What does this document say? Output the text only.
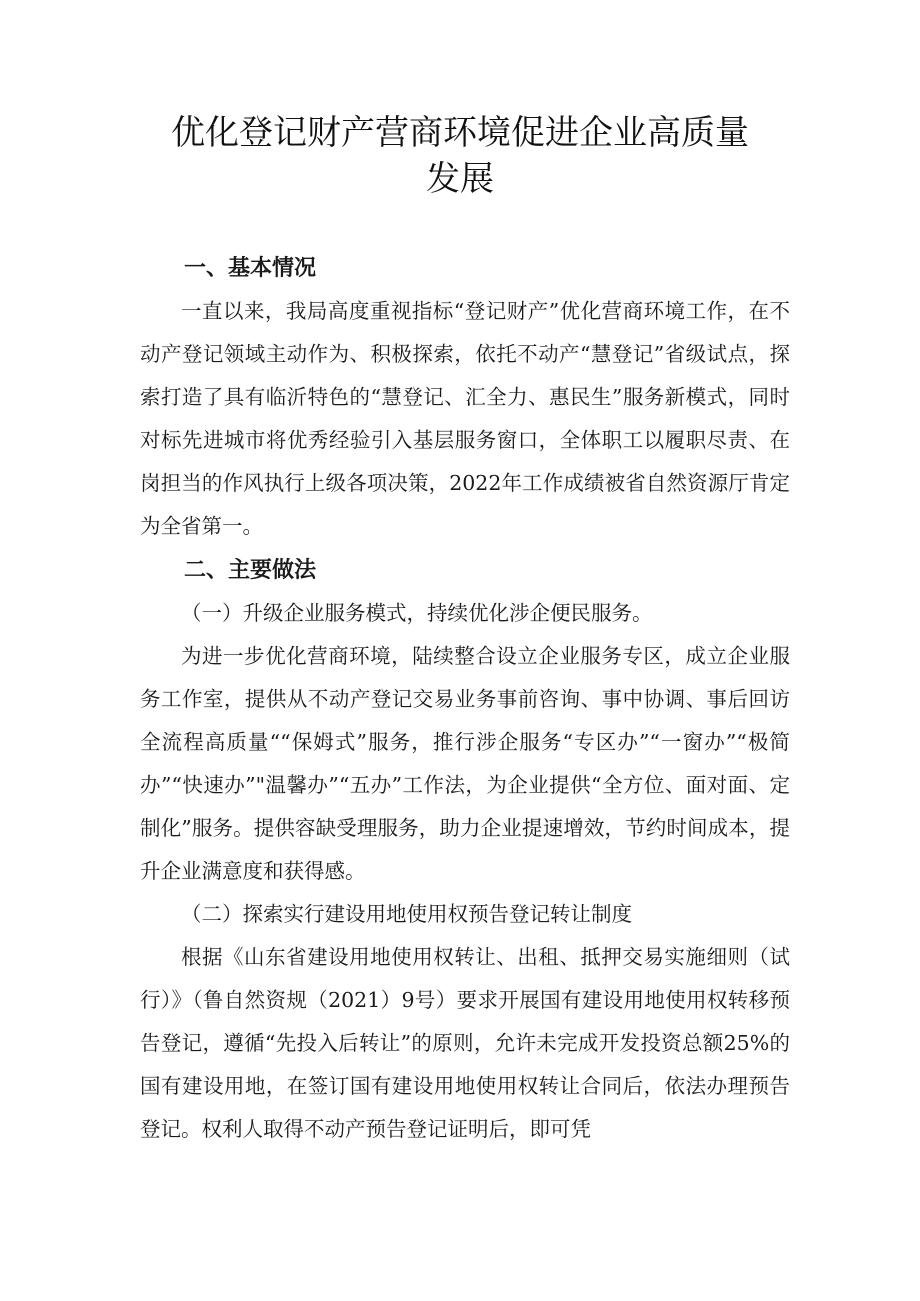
优化登记财产营商环境促进企业高质量发展

一、基本情况

一直以来，我局高度重视指标“登记财产”优化营商环境工作，在不动产登记领域主动作为、积极探索，依托不动产“慧登记”省级试点，探索打造了具有临沂特色的“慧登记、汇全力、惠民生”服务新模式，同时对标先进城市将优秀经验引入基层服务窗口，全体职工以履职尽责、在岗担当的作风执行上级各项决策，2022年工作成绩被省自然资源厅肯定为全省第一。

二、主要做法

（一）升级企业服务模式，持续优化涉企便民服务。

为进一步优化营商环境，陆续整合设立企业服务专区，成立企业服务工作室，提供从不动产登记交易业务事前咨询、事中协调、事后回访全流程高质量““保姆式”服务，推行涉企服务“专区办”“一窗办”“极简办”“快速办”"温馨办”“五办”工作法，为企业提供“全方位、面对面、定制化”服务。提供容缺受理服务，助力企业提速增效，节约时间成本，提升企业满意度和获得感。

（二）探索实行建设用地使用权预告登记转让制度

根据《山东省建设用地使用权转让、出租、抵押交易实施细则（试行）》（鲁自然资规（2021）9号）要求开展国有建设用地使用权转移预告登记，遵循“先投入后转让”的原则，允许未完成开发投资总额25%的国有建设用地，在签订国有建设用地使用权转让合同后，依法办理预告登记。权利人取得不动产预告登记证明后，即可凭
